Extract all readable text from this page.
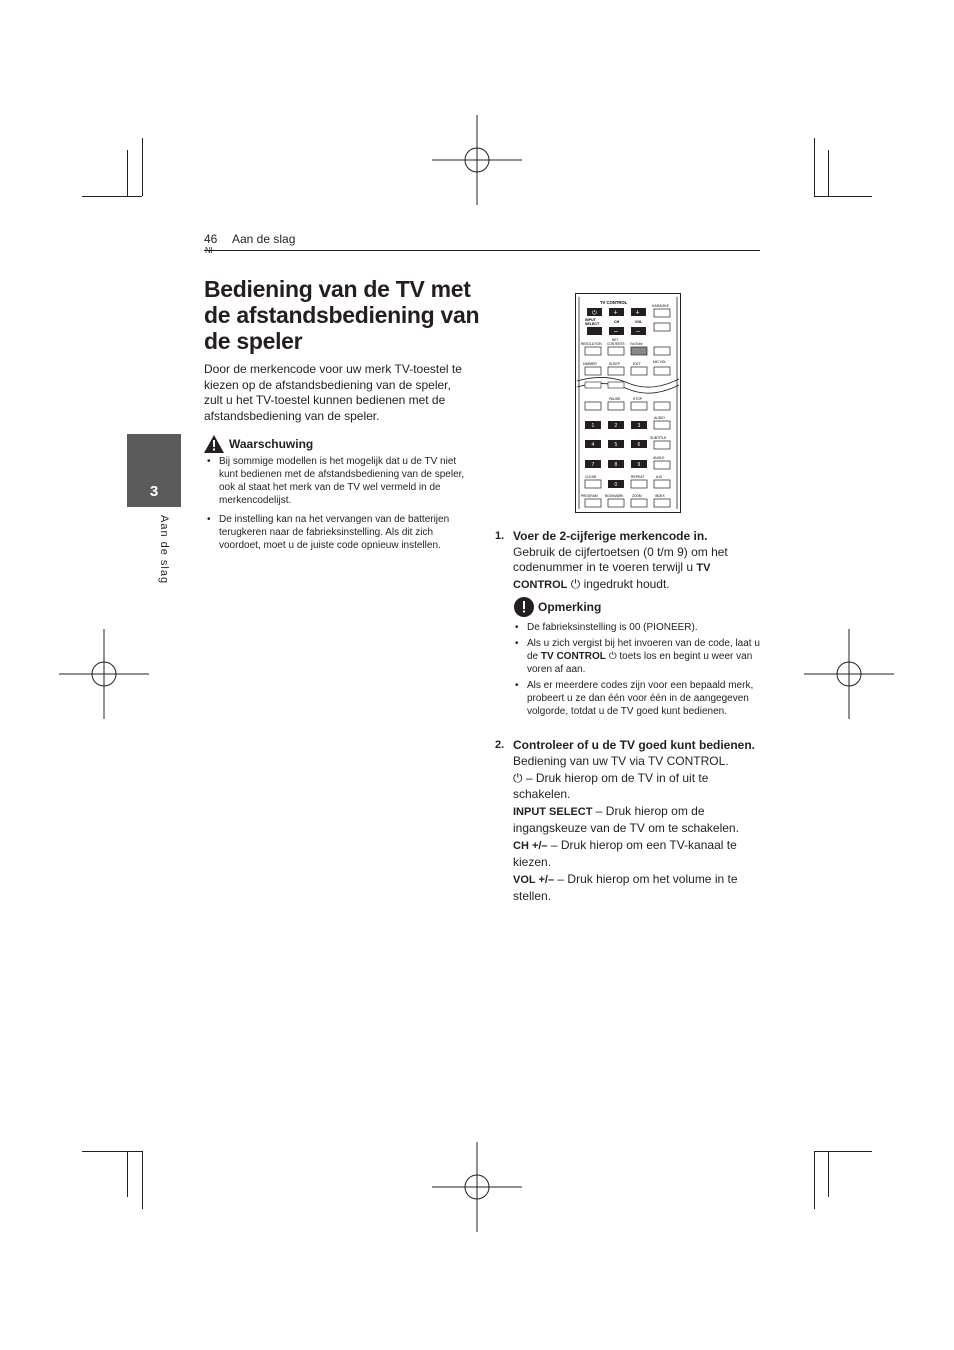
46 Aan de slag
3
Aan de slag
Bediening van de TV met de afstandsbediening van de speler
Door de merkencode voor uw merk TV-toestel te kiezen op de afstandsbediening van de speler, zult u het TV-toestel kunnen bedienen met de afstandsbediening van de speler.
Waarschuwing
• Bij sommige modellen is het mogelijk dat u de TV niet kunt bedienen met de afstandsbediening van de speler, ook al staat het merk van de TV wel vermeld in de merkencodelijst.
• De instelling kan na het vervangen van de batterijen terugkeren naar de fabrieksinstelling. Als dit zich voordoet, moet u de juiste code opnieuw instellen.
TV CONTROL
KARAOKE
⏻ +	+
INPUT
SELECT	CH	VOL
–	–
RESOLUTION
NET
CONTENTS YouTube
MIC VOL
DIMMER	SLEEP	EXIT
PAUSE	STOP
AUDIO
1	2	3
SUBTITLE
4	5	6
ANGLE
7	8	9
CLEAR	REPEAT	A-B
0
PROGRAM BOOKMARK	ZOOM	INDEX
1. Voer de 2-cijferige merkencode in.
Gebruik de cijfertoetsen (0 t/m 9) om het codenummer in te voeren terwijl u TV
CONTROL ⏻ ingedrukt houdt.
Opmerking
• De fabrieksinstelling is 00 (PIONEER).
• Als u zich vergist bij het invoeren van de code, laat u de TV CONTROL ⏻ toets los en begint u weer van voren af aan.
• Als er meerdere codes zijn voor een bepaald merk, probeert u ze dan één voor één in de aangegeven volgorde, totdat u de TV goed kunt bedienen.
2. Controleer of u de TV goed kunt bedienen.

Bediening van uw TV via TV CONTROL.

⏻ – Druk hierop om de TV in of uit te schakelen.

INPUT SELECT – Druk hierop om de ingangskeuze van de TV om te schakelen.

CH +/– – Druk hierop om een TV-kanaal te kiezen.

VOL +/– – Druk hierop om het volume in te stellen.
